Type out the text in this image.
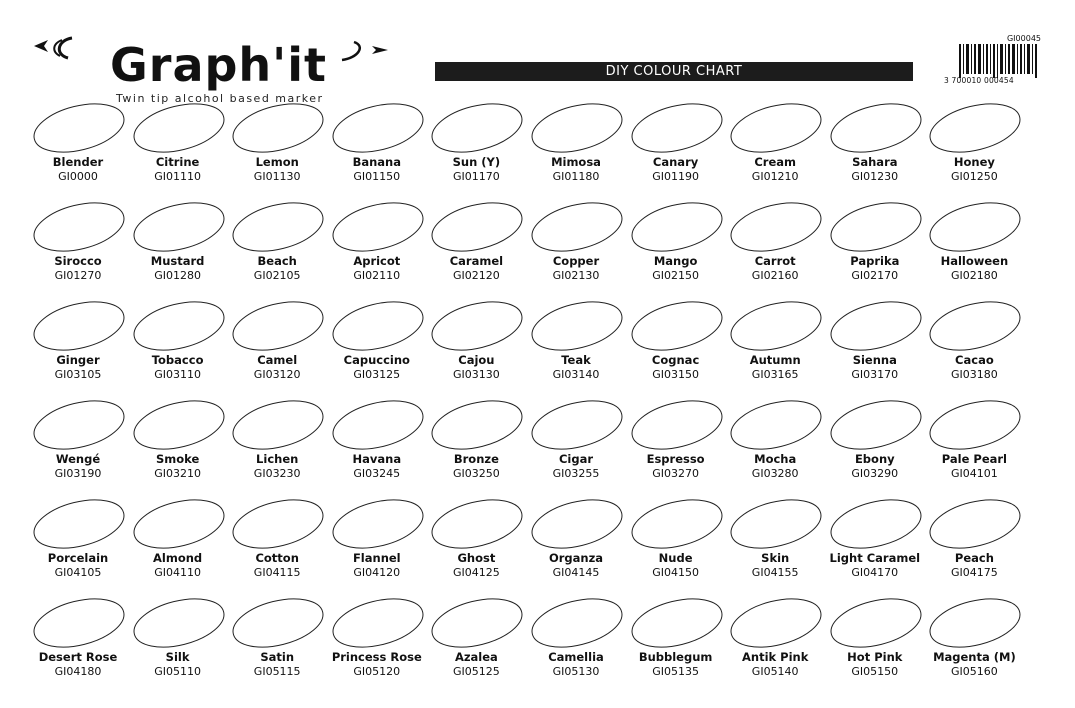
Graph'it
Twin tip alcohol based marker
DIY COLOUR CHART
GI00045
3 700010 000454
Blender
GI0000
Citrine
GI01110
Lemon
GI01130
Banana
GI01150
Sun (Y)
GI01170
Mimosa
GI01180
Canary
GI01190
Cream
GI01210
Sahara
GI01230
Honey
GI01250
Sirocco
GI01270
Mustard
GI01280
Beach
GI02105
Apricot
GI02110
Caramel
GI02120
Copper
GI02130
Mango
GI02150
Carrot
GI02160
Paprika
GI02170
Halloween
GI02180
Ginger
GI03105
Tobacco
GI03110
Camel
GI03120
Capuccino
GI03125
Cajou
GI03130
Teak
GI03140
Cognac
GI03150
Autumn
GI03165
Sienna
GI03170
Cacao
GI03180
Wengé
GI03190
Smoke
GI03210
Lichen
GI03230
Havana
GI03245
Bronze
GI03250
Cigar
GI03255
Espresso
GI03270
Mocha
GI03280
Ebony
GI03290
Pale Pearl
GI04101
Porcelain
GI04105
Almond
GI04110
Cotton
GI04115
Flannel
GI04120
Ghost
GI04125
Organza
GI04145
Nude
GI04150
Skin
GI04155
Light Caramel
GI04170
Peach
GI04175
Desert Rose
GI04180
Silk
GI05110
Satin
GI05115
Princess Rose
GI05120
Azalea
GI05125
Camellia
GI05130
Bubblegum
GI05135
Antik Pink
GI05140
Hot Pink
GI05150
Magenta (M)
GI05160
